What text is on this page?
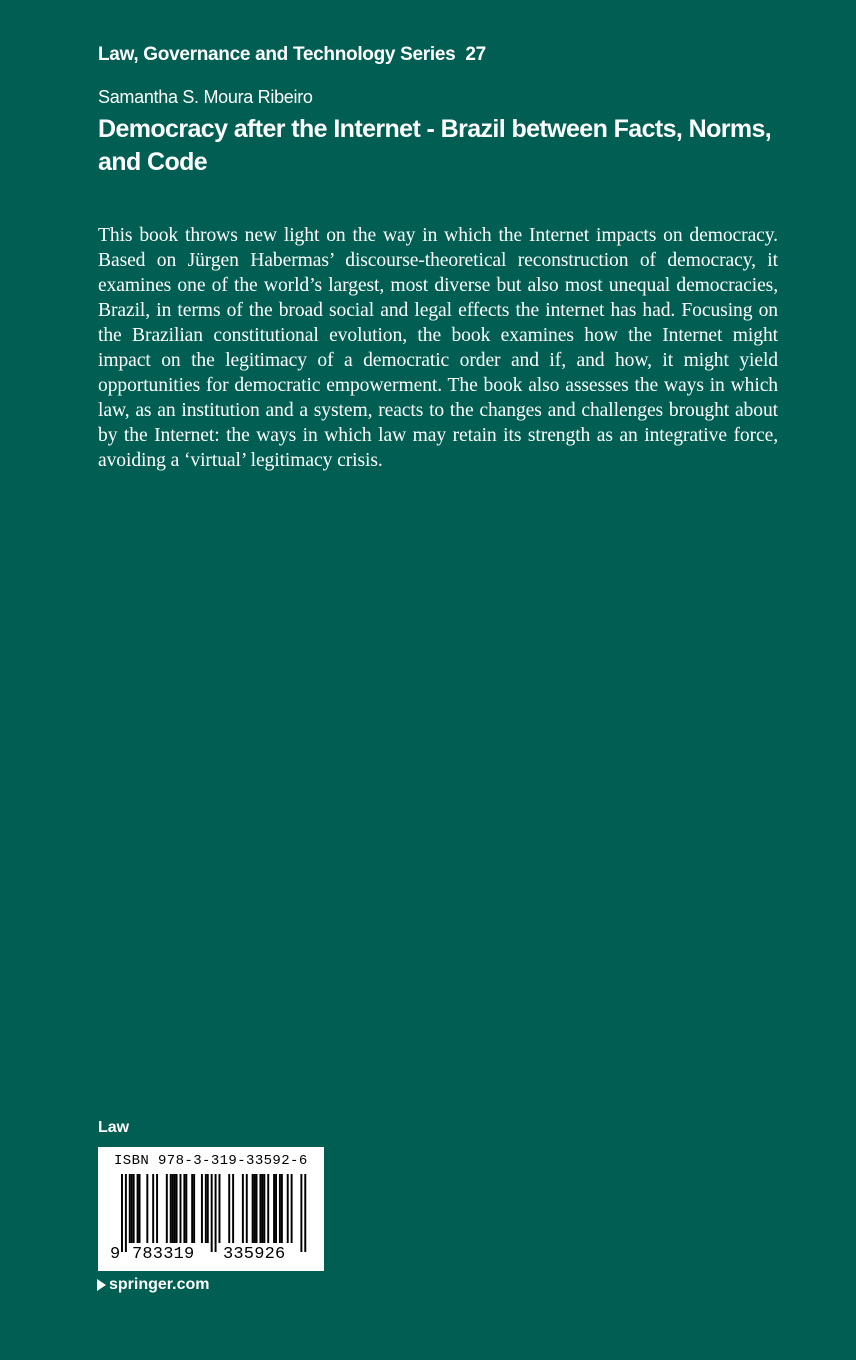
Law, Governance and Technology Series 27
Samantha S. Moura Ribeiro
Democracy after the Internet - Brazil between Facts, Norms, and Code

This book throws new light on the way in which the Internet impacts on democracy. Based on Jürgen Habermas’ discourse-theoretical reconstruction of democracy, it examines one of the world’s largest, most diverse but also most unequal democracies, Brazil, in terms of the broad social and legal effects the internet has had. Focusing on the Brazilian constitutional evolution, the book examines how the Internet might impact on the legitimacy of a democratic order and if, and how, it might yield opportunities for democratic empowerment. The book also assesses the ways in which law, as an institution and a system, reacts to the changes and challenges brought about by the Internet: the ways in which law may retain its strength as an integrative force, avoiding a ‘virtual’ legitimacy crisis.

Law
ISBN 978-3-319-33592-6
9 783319 335926
springer.com
